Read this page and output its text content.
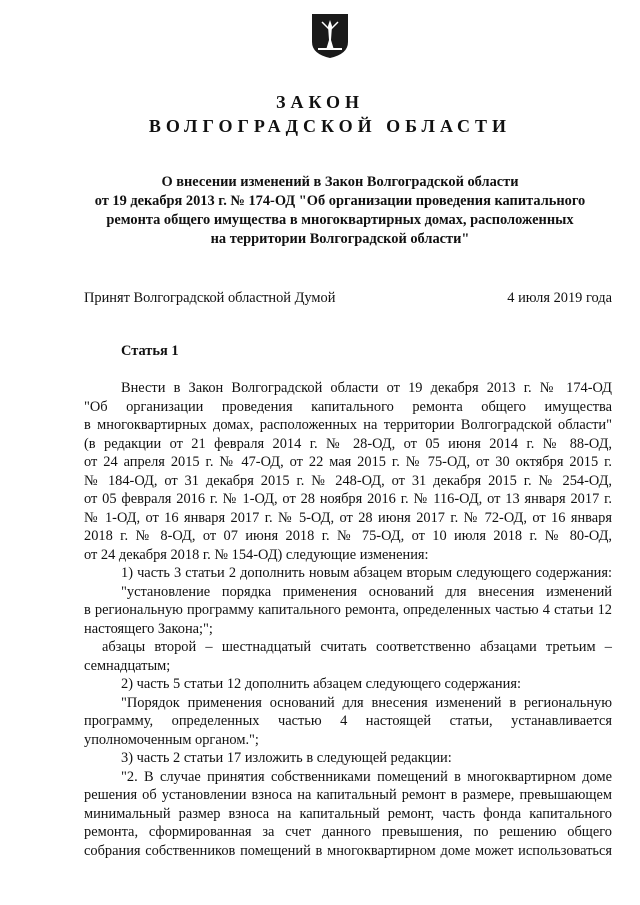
ЗАКОН
ВОЛГОГРАДСКОЙ ОБЛАСТИ
О внесении изменений в Закон Волгоградской области
от 19 декабря 2013 г. № 174-ОД "Об организации проведения капитального
ремонта общего имущества в многоквартирных домах, расположенных
на территории Волгоградской области"
Принят Волгоградской областной Думой	4 июля 2019 года
Статья 1
Внести в Закон Волгоградской области от 19 декабря 2013 г. № 174-ОД
"Об организации проведения капитального ремонта общего имущества
в многоквартирных домах, расположенных на территории Волгоградской области"
(в редакции от 21 февраля 2014 г. № 28-ОД, от 05 июня 2014 г. № 88-ОД,
от 24 апреля 2015 г. № 47-ОД, от 22 мая 2015 г. № 75-ОД, от 30 октября 2015 г.
№ 184-ОД, от 31 декабря 2015 г. № 248-ОД, от 31 декабря 2015 г. № 254-ОД,
от 05 февраля 2016 г. № 1-ОД, от 28 ноября 2016 г. № 116-ОД, от 13 января 2017 г.
№ 1-ОД, от 16 января 2017 г. № 5-ОД, от 28 июня 2017 г. № 72-ОД, от 16 января
2018 г. № 8-ОД, от 07 июня 2018 г. № 75-ОД, от 10 июля 2018 г. № 80-ОД,
от 24 декабря 2018 г. № 154-ОД) следующие изменения:
1) часть 3 статьи 2 дополнить новым абзацем вторым следующего содержания:
"установление порядка применения оснований для внесения изменений
в региональную программу капитального ремонта, определенных частью 4 статьи 12
настоящего Закона;";
абзацы второй – шестнадцатый считать соответственно абзацами третьим –
семнадцатым;
2) часть 5 статьи 12 дополнить абзацем следующего содержания:
"Порядок применения оснований для внесения изменений в региональную
программу, определенных частью 4 настоящей статьи, устанавливается
уполномоченным органом.";
3) часть 2 статьи 17 изложить в следующей редакции:
"2. В случае принятия собственниками помещений в многоквартирном доме
решения об установлении взноса на капитальный ремонт в размере, превышающем
минимальный размер взноса на капитальный ремонт, часть фонда капитального
ремонта, сформированная за счет данного превышения, по решению общего
собрания собственников помещений в многоквартирном доме может использоваться
